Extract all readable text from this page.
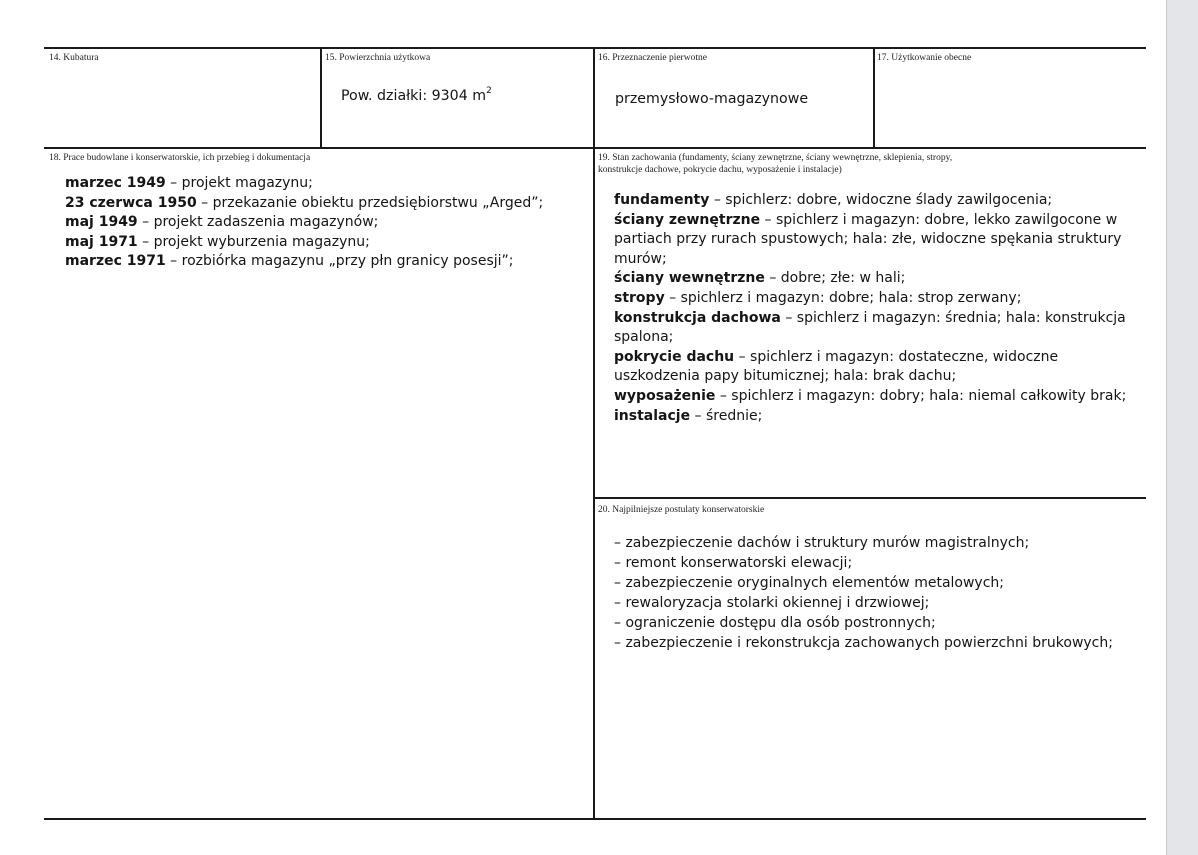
14. Kubatura	15. Powierzchnia użytkowa
Pow. działki: 9304 $m^2$
16. Przeznaczenie pierwotne
przemysłowo-magazynowe
17. Użytkowanie obecne
18. Prace budowlane i konserwatorskie, ich przebieg i dokumentacja
marzec 1949 – projekt magazynu;
23 czerwca 1950 – przekazanie obiektu przedsiębiorstwu „Arged”;
maj 1949 – projekt zadaszenia magazynów;
maj 1971 – projekt wyburzenia magazynu;
marzec 1971 – rozbiórka magazynu „przy płn granicy posesji”;
19. Stan zachowania (fundamenty, ściany zewnętrzne, ściany wewnętrzne, sklepienia, stropy,
konstrukcje dachowe, pokrycie dachu, wyposażenie i instalacje)
fundamenty – spichlerz: dobre, widoczne ślady zawilgocenia;
ściany zewnętrzne – spichlerz i magazyn: dobre, lekko zawilgocone w partiach przy rurach spustowych; hala: złe, widoczne spękania struktury murów;
ściany wewnętrzne – dobre; złe: w hali;
stropy – spichlerz i magazyn: dobre; hala: strop zerwany;
konstrukcja dachowa – spichlerz i magazyn: średnia; hala: konstrukcja spalona;
pokrycie dachu – spichlerz i magazyn: dostateczne, widoczne uszkodzenia papy bitumicznej; hala: brak dachu;
wyposażenie – spichlerz i magazyn: dobry; hala: niemal całkowity brak;
instalacje – średnie;
20. Najpilniejsze postulaty konserwatorskie
– zabezpieczenie dachów i struktury murów magistralnych;
– remont konserwatorski elewacji;
– zabezpieczenie oryginalnych elementów metalowych;
– rewaloryzacja stolarki okiennej i drzwiowej;
– ograniczenie dostępu dla osób postronnych;
– zabezpieczenie i rekonstrukcja zachowanych powierzchni brukowych;
